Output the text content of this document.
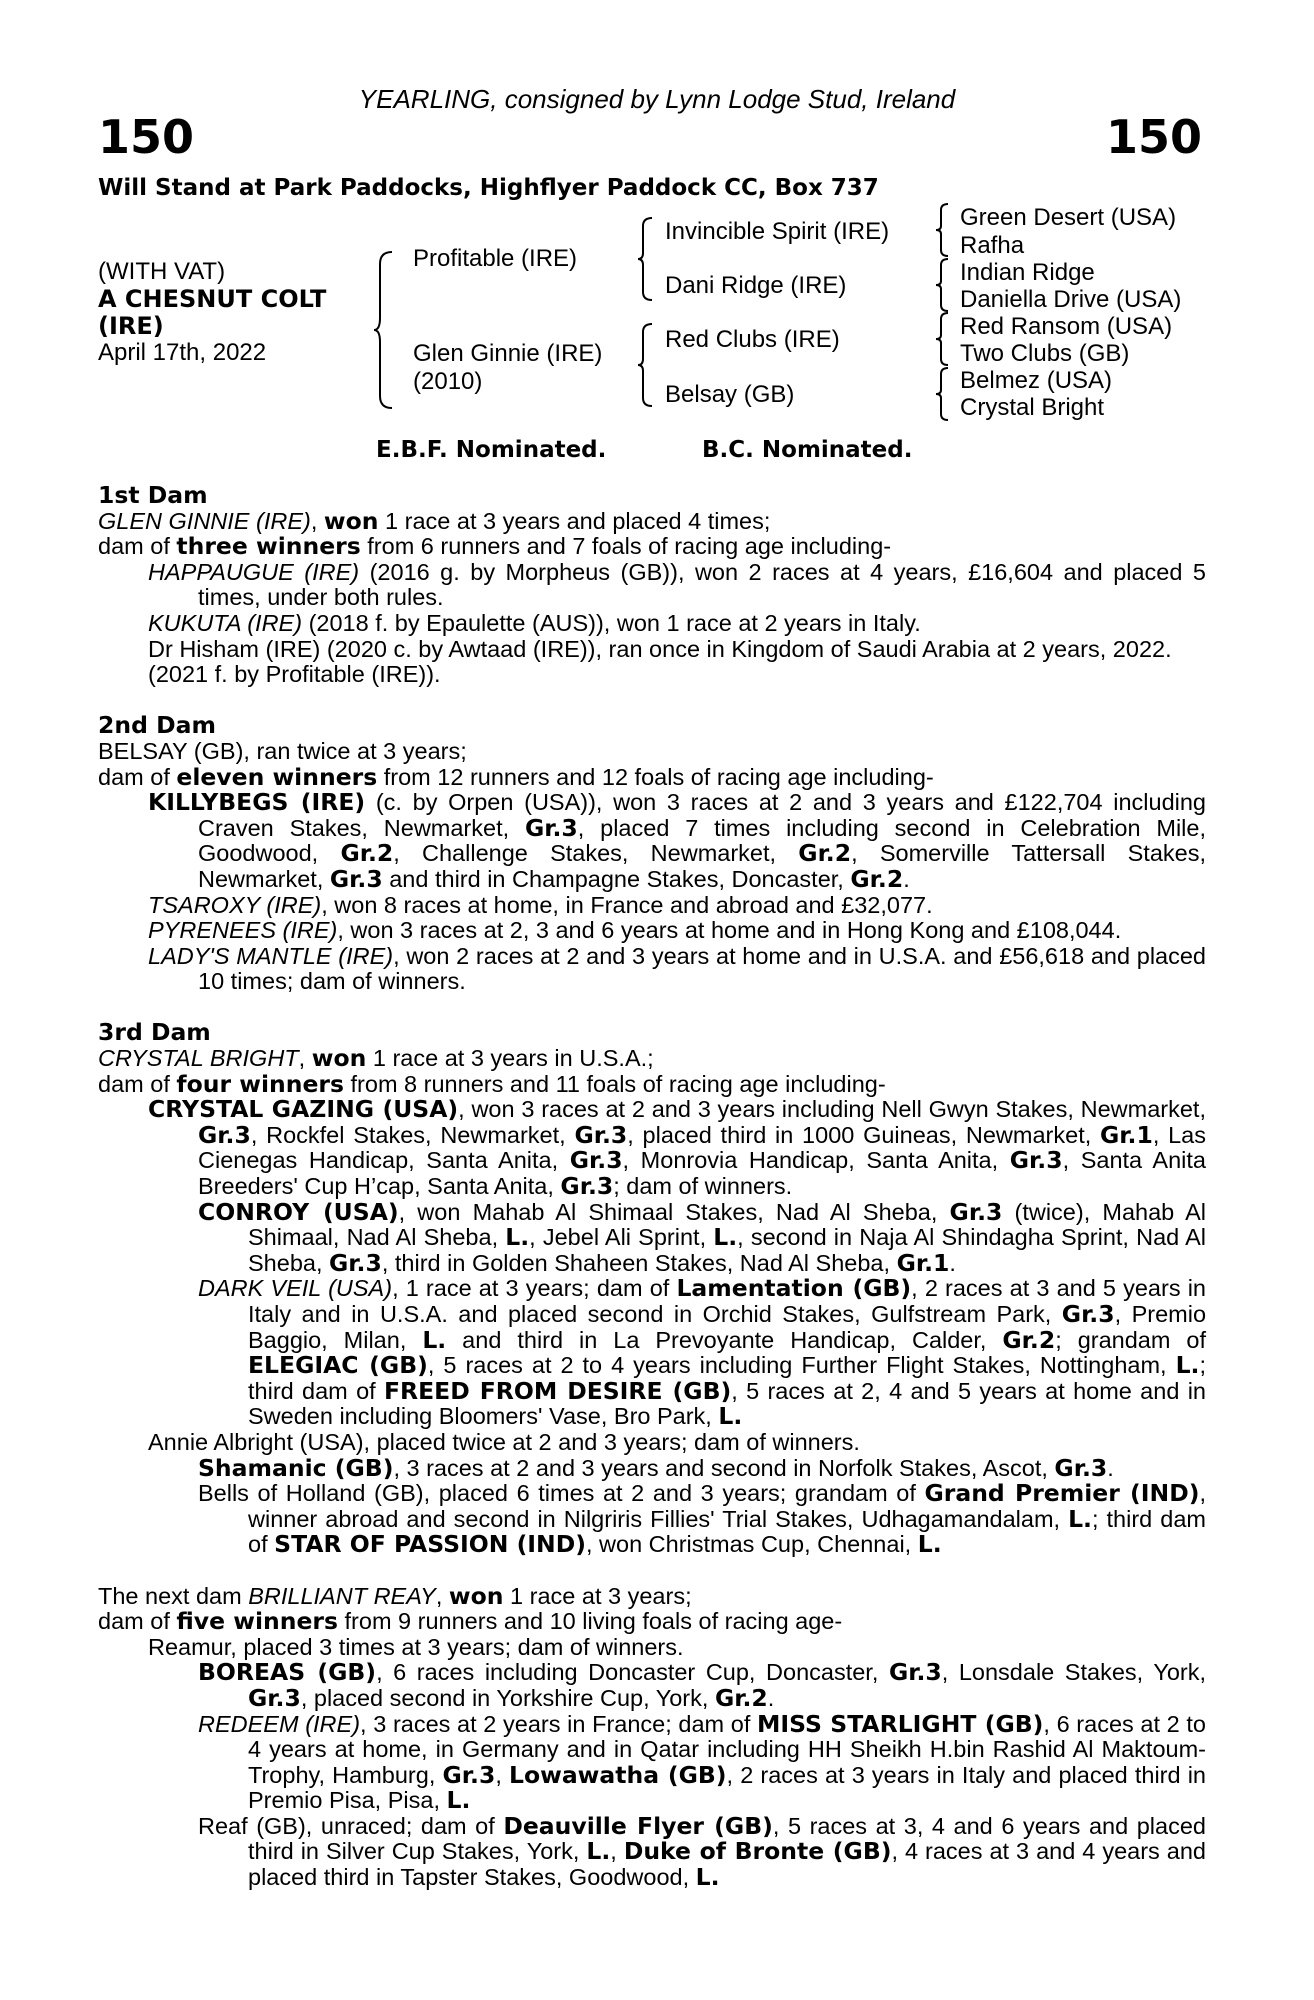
YEARLING, consigned by Lynn Lodge Stud, Ireland
150	150
Will Stand at Park Paddocks, Highflyer Paddock CC, Box 737
(WITH VAT)
A CHESNUT COLT
(IRE)
April 17th, 2022
Profitable (IRE)
Glen Ginnie (IRE)
(2010)
Invincible Spirit (IRE)
Dani Ridge (IRE)
Red Clubs (IRE)
Belsay (GB)
Green Desert (USA)
Rafha
Indian Ridge
Daniella Drive (USA)
Red Ransom (USA)
Two Clubs (GB)
Belmez (USA)
Crystal Bright
E.B.F. Nominated.	B.C. Nominated.

1st Dam

GLEN GINNIE (IRE), won 1 race at 3 years and placed 4 times;

dam of three winners from 6 runners and 7 foals of racing age including-

HAPPAUGUE (IRE) (2016 g. by Morpheus (GB)), won 2 races at 4 years, £16,604 and placed 5 times, under both rules.

KUKUTA (IRE) (2018 f. by Epaulette (AUS)), won 1 race at 2 years in Italy.

Dr Hisham (IRE) (2020 c. by Awtaad (IRE)), ran once in Kingdom of Saudi Arabia at 2 years, 2022.

(2021 f. by Profitable (IRE)).

2nd Dam

BELSAY (GB), ran twice at 3 years;

dam of eleven winners from 12 runners and 12 foals of racing age including-

KILLYBEGS (IRE) (c. by Orpen (USA)), won 3 races at 2 and 3 years and £122,704 including Craven Stakes, Newmarket, Gr.3, placed 7 times including second in Celebration Mile, Goodwood, Gr.2, Challenge Stakes, Newmarket, Gr.2, Somerville Tattersall Stakes, Newmarket, Gr.3 and third in Champagne Stakes, Doncaster, Gr.2.

TSAROXY (IRE), won 8 races at home, in France and abroad and £32,077.

PYRENEES (IRE), won 3 races at 2, 3 and 6 years at home and in Hong Kong and £108,044.

LADY'S MANTLE (IRE), won 2 races at 2 and 3 years at home and in U.S.A. and £56,618 and placed 10 times; dam of winners.

3rd Dam

CRYSTAL BRIGHT, won 1 race at 3 years in U.S.A.;

dam of four winners from 8 runners and 11 foals of racing age including-

CRYSTAL GAZING (USA), won 3 races at 2 and 3 years including Nell Gwyn Stakes, Newmarket, Gr.3, Rockfel Stakes, Newmarket, Gr.3, placed third in 1000 Guineas, Newmarket, Gr.1, Las Cienegas Handicap, Santa Anita, Gr.3, Monrovia Handicap, Santa Anita, Gr.3, Santa Anita Breeders' Cup H’cap, Santa Anita, Gr.3; dam of winners.

CONROY (USA), won Mahab Al Shimaal Stakes, Nad Al Sheba, Gr.3 (twice), Mahab Al Shimaal, Nad Al Sheba, L., Jebel Ali Sprint, L., second in Naja Al Shindagha Sprint, Nad Al Sheba, Gr.3, third in Golden Shaheen Stakes, Nad Al Sheba, Gr.1.

DARK VEIL (USA), 1 race at 3 years; dam of Lamentation (GB), 2 races at 3 and 5 years in Italy and in U.S.A. and placed second in Orchid Stakes, Gulfstream Park, Gr.3, Premio Baggio, Milan, L. and third in La Prevoyante Handicap, Calder, Gr.2; grandam of ELEGIAC (GB), 5 races at 2 to 4 years including Further Flight Stakes, Nottingham, L.; third dam of FREED FROM DESIRE (GB), 5 races at 2, 4 and 5 years at home and in Sweden including Bloomers' Vase, Bro Park, L.

Annie Albright (USA), placed twice at 2 and 3 years; dam of winners.

Shamanic (GB), 3 races at 2 and 3 years and second in Norfolk Stakes, Ascot, Gr.3.

Bells of Holland (GB), placed 6 times at 2 and 3 years; grandam of Grand Premier (IND), winner abroad and second in Nilgriris Fillies' Trial Stakes, Udhagamandalam, L.; third dam of STAR OF PASSION (IND), won Christmas Cup, Chennai, L.

The next dam BRILLIANT REAY, won 1 race at 3 years;

dam of five winners from 9 runners and 10 living foals of racing age-

Reamur, placed 3 times at 3 years; dam of winners.

BOREAS (GB), 6 races including Doncaster Cup, Doncaster, Gr.3, Lonsdale Stakes, York, Gr.3, placed second in Yorkshire Cup, York, Gr.2.

REDEEM (IRE), 3 races at 2 years in France; dam of MISS STARLIGHT (GB), 6 races at 2 to 4 years at home, in Germany and in Qatar including HH Sheikh H.bin Rashid Al Maktoum-Trophy, Hamburg, Gr.3, Lowawatha (GB), 2 races at 3 years in Italy and placed third in Premio Pisa, Pisa, L.

Reaf (GB), unraced; dam of Deauville Flyer (GB), 5 races at 3, 4 and 6 years and placed third in Silver Cup Stakes, York, L., Duke of Bronte (GB), 4 races at 3 and 4 years and placed third in Tapster Stakes, Goodwood, L.
